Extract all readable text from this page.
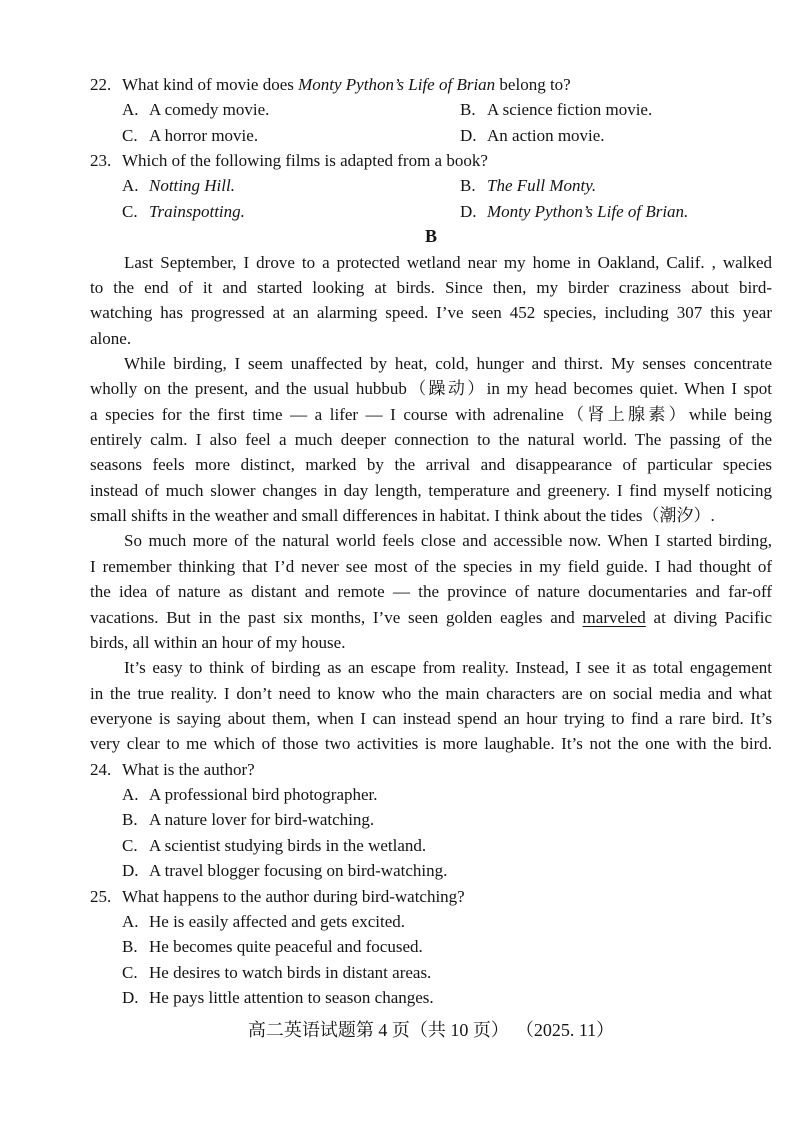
22. What kind of movie does Monty Python’s Life of Brian belong to?
A. A comedy movie.	B. A science fiction movie.
C. A horror movie.	D. An action movie.
23. Which of the following films is adapted from a book?
A. Notting Hill.	B. The Full Monty.
C. Trainspotting.	D. Monty Python’s Life of Brian.
B
Last September, I drove to a protected wetland near my home in Oakland, Calif. , walked
to the end of it and started looking at birds. Since then, my birder craziness about bird-
watching has progressed at an alarming speed. I’ve seen 452 species, including 307 this year
alone.
While birding, I seem unaffected by heat, cold, hunger and thirst. My senses concentrate
wholly on the present, and the usual hubbub（躁动）in my head becomes quiet. When I spot
a species for the first time — a lifer — I course with adrenaline（肾上腺素）while being
entirely calm. I also feel a much deeper connection to the natural world. The passing of the
seasons feels more distinct, marked by the arrival and disappearance of particular species
instead of much slower changes in day length, temperature and greenery. I find myself noticing
small shifts in the weather and small differences in habitat. I think about the tides（潮汐）.
So much more of the natural world feels close and accessible now. When I started birding,
I remember thinking that I’d never see most of the species in my field guide. I had thought of
the idea of nature as distant and remote — the province of nature documentaries and far-off
vacations. But in the past six months, I’ve seen golden eagles and marveled at diving Pacific
birds, all within an hour of my house.
It’s easy to think of birding as an escape from reality. Instead, I see it as total engagement
in the true reality. I don’t need to know who the main characters are on social media and what
everyone is saying about them, when I can instead spend an hour trying to find a rare bird. It’s
very clear to me which of those two activities is more laughable. It’s not the one with the bird.
24. What is the author?
A. A professional bird photographer.
B. A nature lover for bird-watching.
C. A scientist studying birds in the wetland.
D. A travel blogger focusing on bird-watching.
25. What happens to the author during bird-watching?
A. He is easily affected and gets excited.
B. He becomes quite peaceful and focused.
C. He desires to watch birds in distant areas.
D. He pays little attention to season changes.
高二英语试题第 4 页（共 10 页） （2025. 11）
